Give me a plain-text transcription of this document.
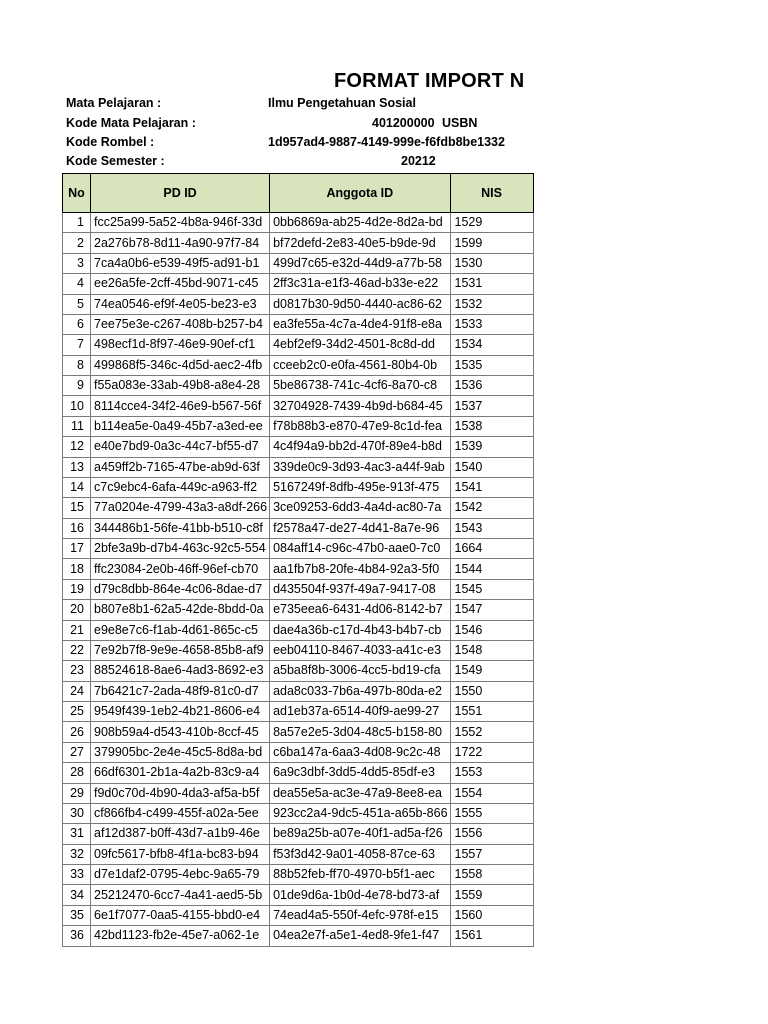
FORMAT IMPORT N
Mata Pelajaran :	Ilmu Pengetahuan Sosial
Kode Mata Pelajaran :	401200000 USBN
Kode Rombel :	1d957ad4-9887-4149-999e-f6fdb8be1332
Kode Semester :	20212
No	PD ID	Anggota ID	NIS
1	fcc25a99-5a52-4b8a-946f-33d	0bb6869a-ab25-4d2e-8d2a-bd	1529
2	2a276b78-8d11-4a90-97f7-84	bf72defd-2e83-40e5-b9de-9d	1599
3	7ca4a0b6-e539-49f5-ad91-b1	499d7c65-e32d-44d9-a77b-58	1530
4	ee26a5fe-2cff-45bd-9071-c45	2ff3c31a-e1f3-46ad-b33e-e22	1531
5	74ea0546-ef9f-4e05-be23-e3	d0817b30-9d50-4440-ac86-62	1532
6	7ee75e3e-c267-408b-b257-b4	ea3fe55a-4c7a-4de4-91f8-e8a	1533
7	498ecf1d-8f97-46e9-90ef-cf1	4ebf2ef9-34d2-4501-8c8d-dd	1534
8	499868f5-346c-4d5d-aec2-4fb	cceeb2c0-e0fa-4561-80b4-0b	1535
9	f55a083e-33ab-49b8-a8e4-28	5be86738-741c-4cf6-8a70-c8	1536
10	8114cce4-34f2-46e9-b567-56f	32704928-7439-4b9d-b684-45	1537
11	b114ea5e-0a49-45b7-a3ed-ee	f78b88b3-e870-47e9-8c1d-fea	1538
12	e40e7bd9-0a3c-44c7-bf55-d7	4c4f94a9-bb2d-470f-89e4-b8d	1539
13	a459ff2b-7165-47be-ab9d-63f	339de0c9-3d93-4ac3-a44f-9ab	1540
14	c7c9ebc4-6afa-449c-a963-ff2	5167249f-8dfb-495e-913f-475	1541
15	77a0204e-4799-43a3-a8df-266	3ce09253-6dd3-4a4d-ac80-7a	1542
16	344486b1-56fe-41bb-b510-c8f	f2578a47-de27-4d41-8a7e-96	1543
17	2bfe3a9b-d7b4-463c-92c5-554	084aff14-c96c-47b0-aae0-7c0	1664
18	ffc23084-2e0b-46ff-96ef-cb70	aa1fb7b8-20fe-4b84-92a3-5f0	1544
19	d79c8dbb-864e-4c06-8dae-d7	d435504f-937f-49a7-9417-08	1545
20	b807e8b1-62a5-42de-8bdd-0a	e735eea6-6431-4d06-8142-b7	1547
21	e9e8e7c6-f1ab-4d61-865c-c5	dae4a36b-c17d-4b43-b4b7-cb	1546
22	7e92b7f8-9e9e-4658-85b8-af9	eeb04110-8467-4033-a41c-e3	1548
23	88524618-8ae6-4ad3-8692-e3	a5ba8f8b-3006-4cc5-bd19-cfa	1549
24	7b6421c7-2ada-48f9-81c0-d7	ada8c033-7b6a-497b-80da-e2	1550
25	9549f439-1eb2-4b21-8606-e4	ad1eb37a-6514-40f9-ae99-27	1551
26	908b59a4-d543-410b-8ccf-45	8a57e2e5-3d04-48c5-b158-80	1552
27	379905bc-2e4e-45c5-8d8a-bd	c6ba147a-6aa3-4d08-9c2c-48	1722
28	66df6301-2b1a-4a2b-83c9-a4	6a9c3dbf-3dd5-4dd5-85df-e3	1553
29	f9d0c70d-4b90-4da3-af5a-b5f	dea55e5a-ac3e-47a9-8ee8-ea	1554
30	cf866fb4-c499-455f-a02a-5ee	923cc2a4-9dc5-451a-a65b-866	1555
31	af12d387-b0ff-43d7-a1b9-46e	be89a25b-a07e-40f1-ad5a-f26	1556
32	09fc5617-bfb8-4f1a-bc83-b94	f53f3d42-9a01-4058-87ce-63	1557
33	d7e1daf2-0795-4ebc-9a65-79	88b52feb-ff70-4970-b5f1-aec	1558
34	25212470-6cc7-4a41-aed5-5b	01de9d6a-1b0d-4e78-bd73-af	1559
35	6e1f7077-0aa5-4155-bbd0-e4	74ead4a5-550f-4efc-978f-e15	1560
36	42bd1123-fb2e-45e7-a062-1e	04ea2e7f-a5e1-4ed8-9fe1-f47	1561
